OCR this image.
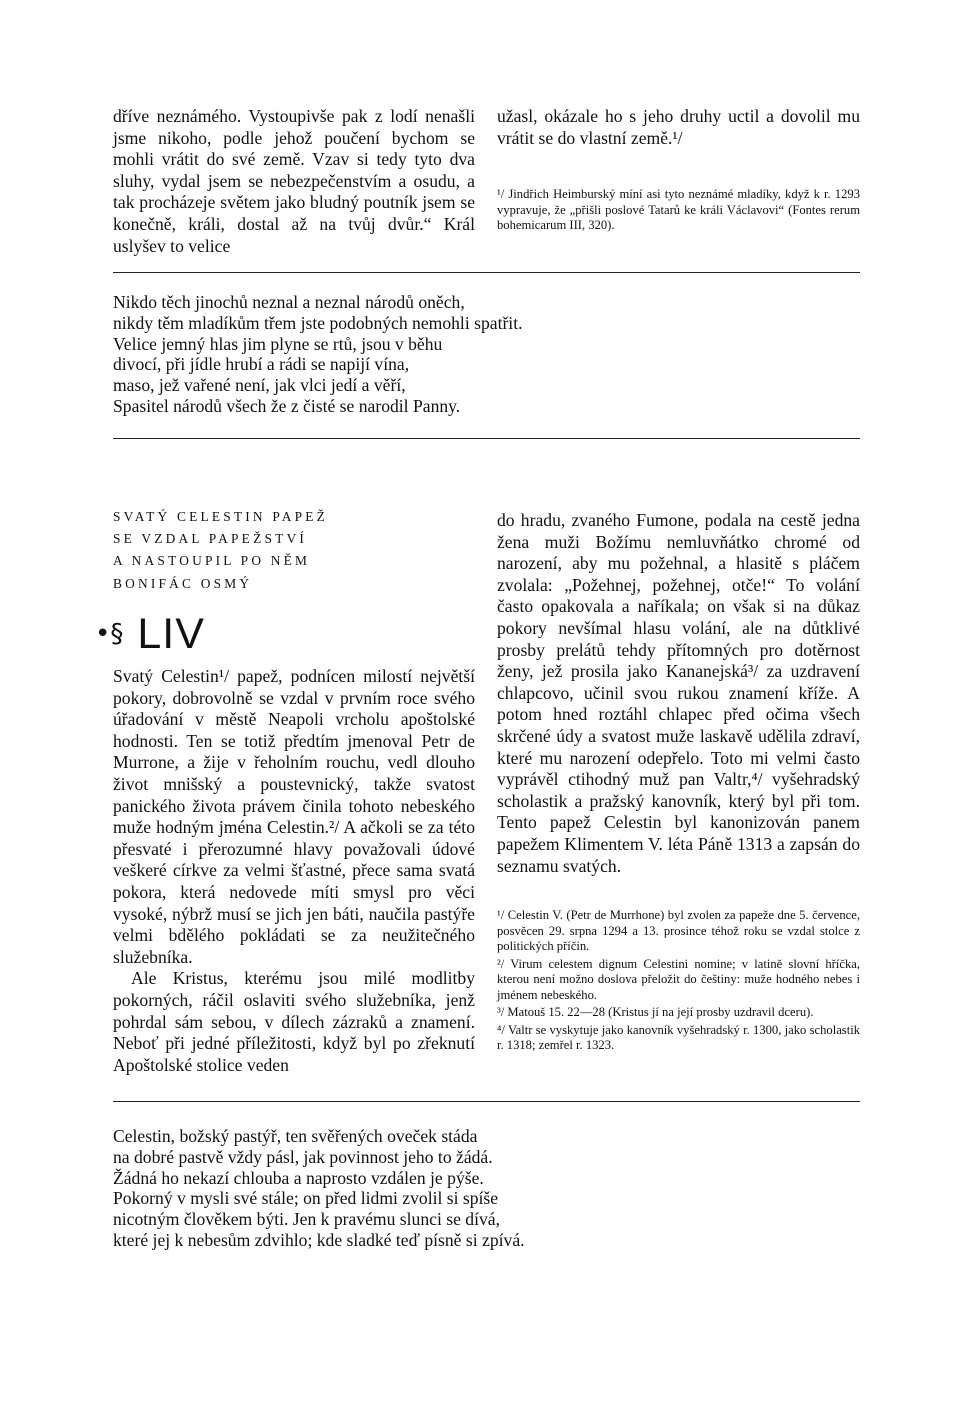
dříve neznámého. Vystoupivše pak z lodí nenašli jsme nikoho, podle jehož poučení bychom se mohli vrátit do své země. Vzav si tedy tyto dva sluhy, vydal jsem se nebezpečenstvím a osudu, a tak procházeje světem jako bludný poutník jsem se konečně, králi, dostal až na tvůj dvůr.“ Král uslyšev to velice

užasl, okázale ho s jeho druhy uctil a dovolil mu vrátit se do vlastní země.¹/

¹/ Jindřich Heimburský míní asi tyto neznámé mladíky, když k r. 1293 vypravuje, že „přišli poslové Tatarů ke králi Václavovi“ (Fontes rerum bohemicarum III, 320).

Nikdo těch jinochů neznal a neznal národů oněch,
nikdy těm mladíkům třem jste podobných nemohli spatřit.
Velice jemný hlas jim plyne se rtů, jsou v běhu
divocí, při jídle hrubí a rádi se napijí vína,
maso, jež vařené není, jak vlci jedí a věří,
Spasitel národů všech že z čisté se narodil Panny.
SVATÝ CELESTIN PAPEŽ
SE VZDAL PAPEŽSTVÍ
A NASTOUPIL PO NĚM
BONIFÁC OSMÝ
•§ LIV

Svatý Celestin¹/ papež, podnícen milostí největší pokory, dobrovolně se vzdal v prvním roce svého úřadování v městě Neapoli vrcholu apoštolské hodnosti. Ten se totiž předtím jmenoval Petr de Murrone, a žije v řeholním rouchu, vedl dlouho život mnišský a poustevnický, takže svatost panického života právem činila tohoto nebeského muže hodným jména Celestin.²/ A ačkoli se za této přesvaté i přerozumné hlavy považovali údové veškeré církve za velmi šťastné, přece sama svatá pokora, která nedovede míti smysl pro věci vysoké, nýbrž musí se jich jen báti, naučila pastýře velmi bdělého pokládati se za neužitečného služebníka.

Ale Kristus, kterému jsou milé modlitby pokorných, ráčil oslaviti svého služebníka, jenž pohrdal sám sebou, v dílech zázraků a znamení. Neboť při jedné příležitosti, když byl po zřeknutí Apoštolské stolice veden

do hradu, zvaného Fumone, podala na cestě jedna žena muži Božímu nemluvňátko chromé od narození, aby mu požehnal, a hlasitě s pláčem zvolala: „Požehnej, požehnej, otče!“ To volání často opakovala a naříkala; on však si na důkaz pokory nevšímal hlasu volání, ale na důtklivé prosby prelátů tehdy přítomných pro dotěrnost ženy, jež prosila jako Kananejská³/ za uzdravení chlapcovo, učinil svou rukou znamení kříže. A potom hned roztáhl chlapec před očima všech skrčené údy a svatost muže laskavě udělila zdraví, které mu narození odepřelo. Toto mi velmi často vyprávěl ctihodný muž pan Valtr,⁴/ vyšehradský scholastik a pražský kanovník, který byl při tom. Tento papež Celestin byl kanonizován panem papežem Klimentem V. léta Páně 1313 a zapsán do seznamu svatých.

¹/ Celestin V. (Petr de Murrhone) byl zvolen za papeže dne 5. července, posvěcen 29. srpna 1294 a 13. prosince téhož roku se vzdal stolce z politických příčin.

²/ Virum celestem dignum Celestini nomine; v latině slovní hříčka, kterou není možno doslova přeložit do češtiny: muže hodného nebes i jménem nebeského.

³/ Matouš 15. 22—28 (Kristus jí na její prosby uzdravil dceru).

⁴/ Valtr se vyskytuje jako kanovník vyšehradský r. 1300, jako scholastik r. 1318; zemřel r. 1323.

Celestin, božský pastýř, ten svěřených oveček stáda
na dobré pastvě vždy pásl, jak povinnost jeho to žádá.
Žádná ho nekazí chlouba a naprosto vzdálen je pýše.
Pokorný v mysli své stále; on před lidmi zvolil si spíše
nicotným člověkem býti. Jen k pravému slunci se dívá,
které jej k nebesům zdvihlo; kde sladké teď písně si zpívá.
